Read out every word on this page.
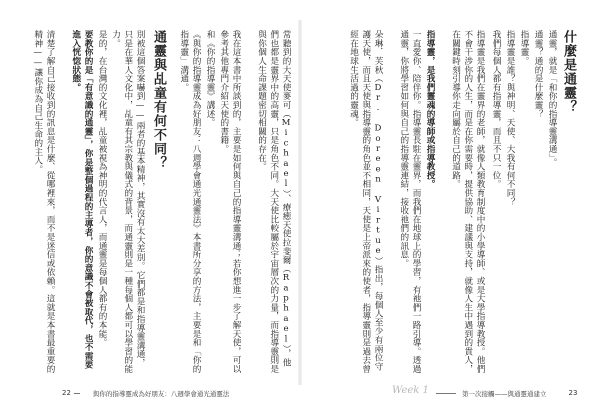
什麼是通靈？
通靈，就是「和你的指導靈溝通」。
通靈？通的是什麼靈？
指導靈。
指導靈是誰？與神明、天使、大我有何不同？
我們每個人都有指導靈，而且不只一位。
指導靈是我們在靈界的老師，就像人類教育制度中的小學導師、或是大學指導教授。他們不會干涉你的人生，而是在你需要時，提供協助、建議與支持，就像人生中遇到的貴人，在關鍵時刻引導你走向屬於自己的道路。
指導靈，是我們靈魂的導師或指導教授。
一直愛你、陪伴你。指導靈長駐在靈界，而我們在地球上的學習，有祂們一路引導。透過通靈，你將學習如何與自己的指導靈連結，接收祂們的訊息。
朵琳．芙秋（Dr. Doreen Virtue）指出，每個人至少有兩位守護天使，而且天使與指導靈的角色並不相同，天使是上帝派來的使者，指導靈則是過去曾經在地球生活過的靈魂。
常聽到的大天使麥可（Michael）、療癒天使拉斐爾（Raphael），他們也都是靈界中的高靈，只是角色不同。大天使比較屬於宇宙層次的力量，而指導靈則是與你個人生命課題密切相關的存在。
我在這本書中所談到的，主要是如何與自己的指導靈溝通；若你想進一步了解天使，可以參考其他專門介紹天使的書籍。
和《你的指導靈》講述。
《與你的指導靈成為好朋友：八週學會通光通靈法》本書所分享的方法，主要是和「你的指導靈」溝通。
通靈與乩童有何不同？
別被這個答案嚇到——兩者的基本精神，其實沒有太大差別。它們都是和指導靈溝通，只是在華人文化中，乩童有其宗教與儀式的背景，而通靈則是一種每個人都可以學習的能力。
是的，在台灣的文化裡，乩童被視為神明的代言人，而通靈是每個人都有的本能。
要教你的是「有意識的通靈」，你是整個過程的主導者，你的意識不會被取代，也不需要進入恍惚狀態。
清楚了解自己接收到的訊息是什麼、從哪裡來，而不是迷信或依賴。這就是本書最重要的精神——讓你成為自己生命的主人。
22	與你的指導靈成為好朋友：八週學會通光通靈法	Week 1	第一次接觸——與通靈通建立	23
